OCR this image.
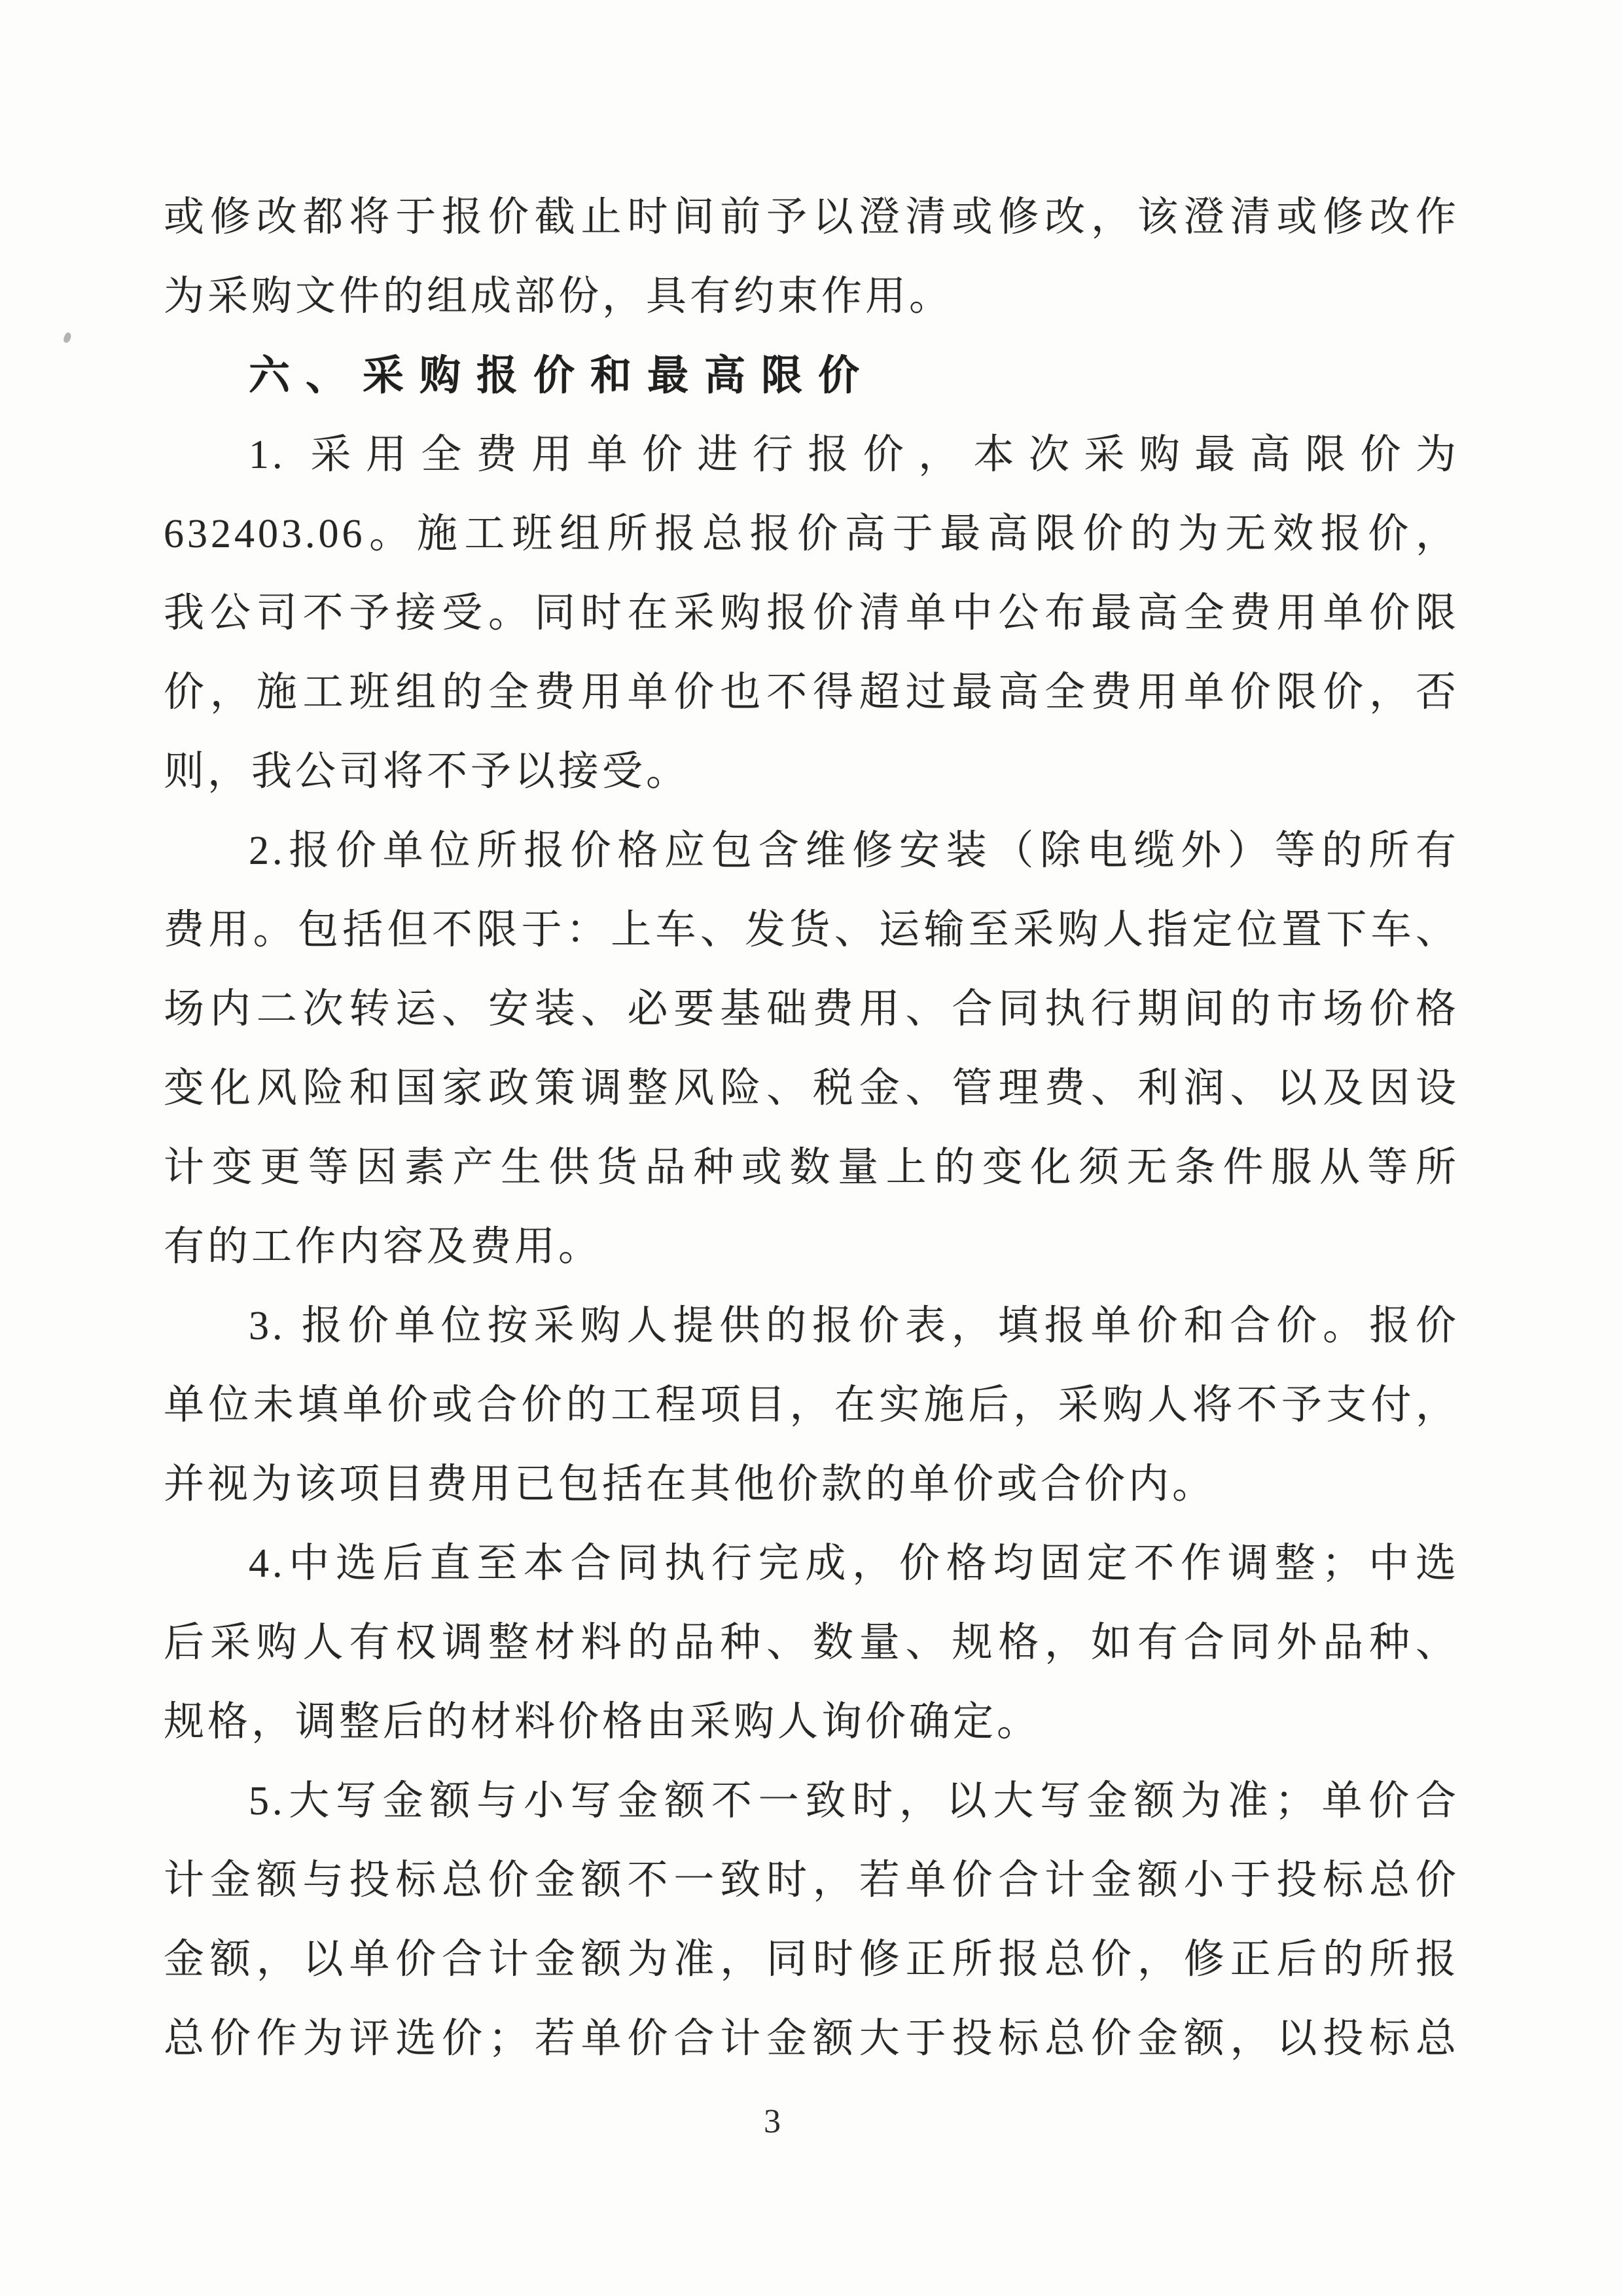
或修改都将于报价截止时间前予以澄清或修改，该澄清或修改作
为采购文件的组成部份，具有约束作用。
六、采购报价和最高限价
1. 采用全费用单价进行报价，本次采购最高限价为
632403.06。施工班组所报总报价高于最高限价的为无效报价，
我公司不予接受。同时在采购报价清单中公布最高全费用单价限
价，施工班组的全费用单价也不得超过最高全费用单价限价，否
则，我公司将不予以接受。
2.报价单位所报价格应包含维修安装（除电缆外）等的所有
费用。包括但不限于：上车、发货、运输至采购人指定位置下车、
场内二次转运、安装、必要基础费用、合同执行期间的市场价格
变化风险和国家政策调整风险、税金、管理费、利润、以及因设
计变更等因素产生供货品种或数量上的变化须无条件服从等所
有的工作内容及费用。
3. 报价单位按采购人提供的报价表，填报单价和合价。报价
单位未填单价或合价的工程项目，在实施后，采购人将不予支付，
并视为该项目费用已包括在其他价款的单价或合价内。
4.中选后直至本合同执行完成，价格均固定不作调整；中选
后采购人有权调整材料的品种、数量、规格，如有合同外品种、
规格，调整后的材料价格由采购人询价确定。
5.大写金额与小写金额不一致时，以大写金额为准；单价合
计金额与投标总价金额不一致时，若单价合计金额小于投标总价
金额，以单价合计金额为准，同时修正所报总价，修正后的所报
总价作为评选价；若单价合计金额大于投标总价金额，以投标总
3
